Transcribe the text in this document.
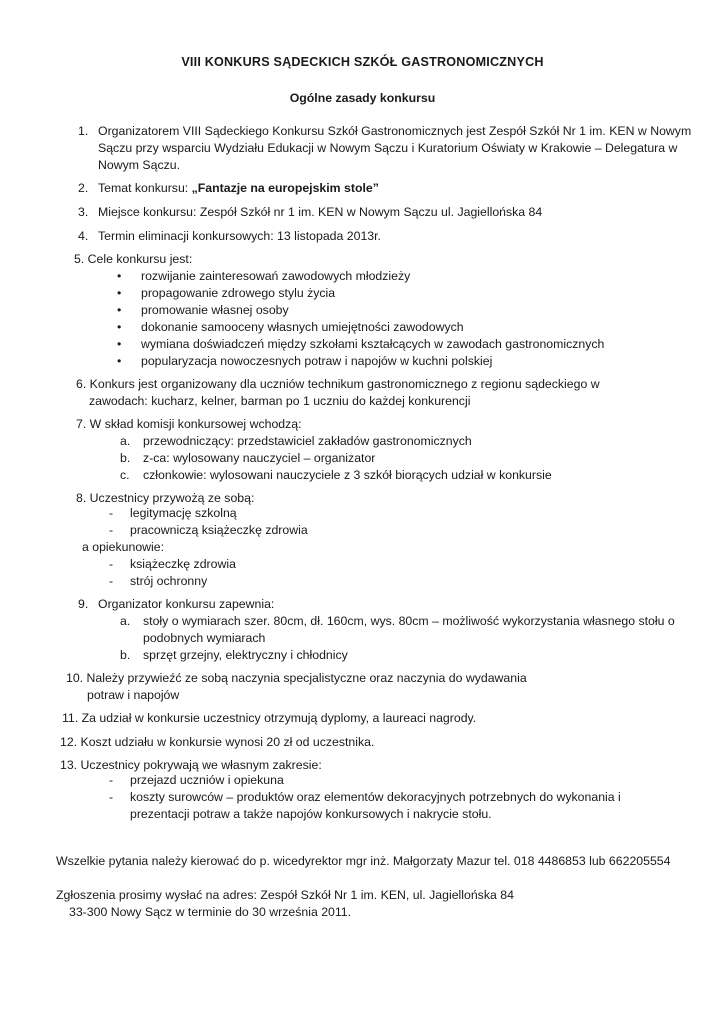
VIII KONKURS SĄDECKICH SZKÓŁ GASTRONOMICZNYCH
Ogólne zasady konkursu
1. Organizatorem VIII Sądeckiego Konkursu Szkół Gastronomicznych jest Zespół Szkół Nr 1 im. KEN w Nowym
Sączu przy wsparciu Wydziału Edukacji w Nowym Sączu i Kuratorium Oświaty w Krakowie – Delegatura w
Nowym Sączu.
2. Temat konkursu: „Fantazje na europejskim stole”
3. Miejsce konkursu: Zespół Szkół nr 1 im. KEN w Nowym Sączu ul. Jagiellońska 84
4. Termin eliminacji konkursowych: 13 listopada 2013r.
5. Cele konkursu jest:
• rozwijanie zainteresowań zawodowych młodzieży
• propagowanie zdrowego stylu życia
• promowanie własnej osoby
• dokonanie samooceny własnych umiejętności zawodowych
• wymiana doświadczeń między szkołami kształcących w zawodach gastronomicznych
• popularyzacja nowoczesnych potraw i napojów w kuchni polskiej
6. Konkurs jest organizowany dla uczniów technikum gastronomicznego z regionu sądeckiego w
zawodach: kucharz, kelner, barman po 1 uczniu do każdej konkurencji
7. W skład komisji konkursowej wchodzą:
a. przewodniczący: przedstawiciel zakładów gastronomicznych
b. z-ca: wylosowany nauczyciel – organizator
c. członkowie: wylosowani nauczyciele z 3 szkół biorących udział w konkursie
8. Uczestnicy przywożą ze sobą:
- legitymację szkolną
- pracowniczą książeczkę zdrowia
a opiekunowie:
- książeczkę zdrowia
- strój ochronny
9. Organizator konkursu zapewnia:
a. stoły o wymiarach szer. 80cm, dł. 160cm, wys. 80cm – możliwość wykorzystania własnego stołu o
podobnych wymiarach
b. sprzęt grzejny, elektryczny i chłodnicy
10. Należy przywieźć ze sobą naczynia specjalistyczne oraz naczynia do wydawania
potraw i napojów
11. Za udział w konkursie uczestnicy otrzymują dyplomy, a laureaci nagrody.
12. Koszt udziału w konkursie wynosi 20 zł od uczestnika.
13. Uczestnicy pokrywają we własnym zakresie:
- przejazd uczniów i opiekuna
- koszty surowców – produktów oraz elementów dekoracyjnych potrzebnych do wykonania i
prezentacji potraw a także napojów konkursowych i nakrycie stołu.
Wszelkie pytania należy kierować do p. wicedyrektor mgr inż. Małgorzaty Mazur tel. 018 4486853 lub 662205554
Zgłoszenia prosimy wysłać na adres: Zespół Szkół Nr 1 im. KEN, ul. Jagiellońska 84
33-300 Nowy Sącz w terminie do 30 września 2011.
